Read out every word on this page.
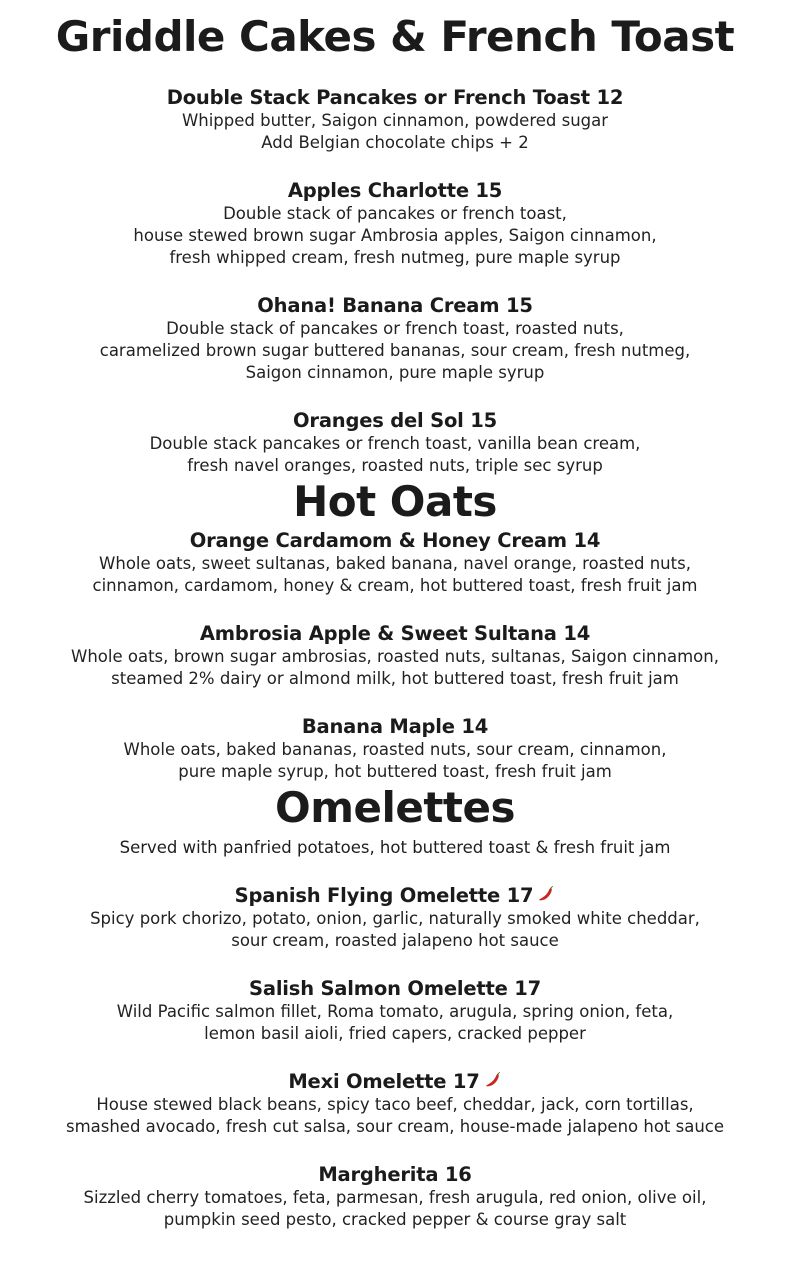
Griddle Cakes & French Toast
Double Stack Pancakes or French Toast 12
Whipped butter, Saigon cinnamon, powdered sugar
Add Belgian chocolate chips + 2
Apples Charlotte 15
Double stack of pancakes or french toast,
house stewed brown sugar Ambrosia apples, Saigon cinnamon,
fresh whipped cream, fresh nutmeg, pure maple syrup
Ohana! Banana Cream 15
Double stack of pancakes or french toast, roasted nuts,
caramelized brown sugar buttered bananas, sour cream, fresh nutmeg,
Saigon cinnamon, pure maple syrup
Oranges del Sol 15
Double stack pancakes or french toast, vanilla bean cream,
fresh navel oranges, roasted nuts, triple sec syrup
Hot Oats
Orange Cardamom & Honey Cream 14
Whole oats, sweet sultanas, baked banana, navel orange, roasted nuts,
cinnamon, cardamom, honey & cream, hot buttered toast, fresh fruit jam
Ambrosia Apple & Sweet Sultana 14
Whole oats, brown sugar ambrosias, roasted nuts, sultanas, Saigon cinnamon,
steamed 2% dairy or almond milk, hot buttered toast, fresh fruit jam
Banana Maple 14
Whole oats, baked bananas, roasted nuts, sour cream, cinnamon,
pure maple syrup, hot buttered toast, fresh fruit jam
Omelettes
Served with panfried potatoes, hot buttered toast & fresh fruit jam
Spanish Flying Omelette 17
Spicy pork chorizo, potato, onion, garlic, naturally smoked white cheddar,
sour cream, roasted jalapeno hot sauce
Salish Salmon Omelette 17
Wild Pacific salmon fillet, Roma tomato, arugula, spring onion, feta,
lemon basil aioli, fried capers, cracked pepper
Mexi Omelette 17
House stewed black beans, spicy taco beef, cheddar, jack, corn tortillas,
smashed avocado, fresh cut salsa, sour cream, house-made jalapeno hot sauce
Margherita 16
Sizzled cherry tomatoes, feta, parmesan, fresh arugula, red onion, olive oil,
pumpkin seed pesto, cracked pepper & course gray salt
